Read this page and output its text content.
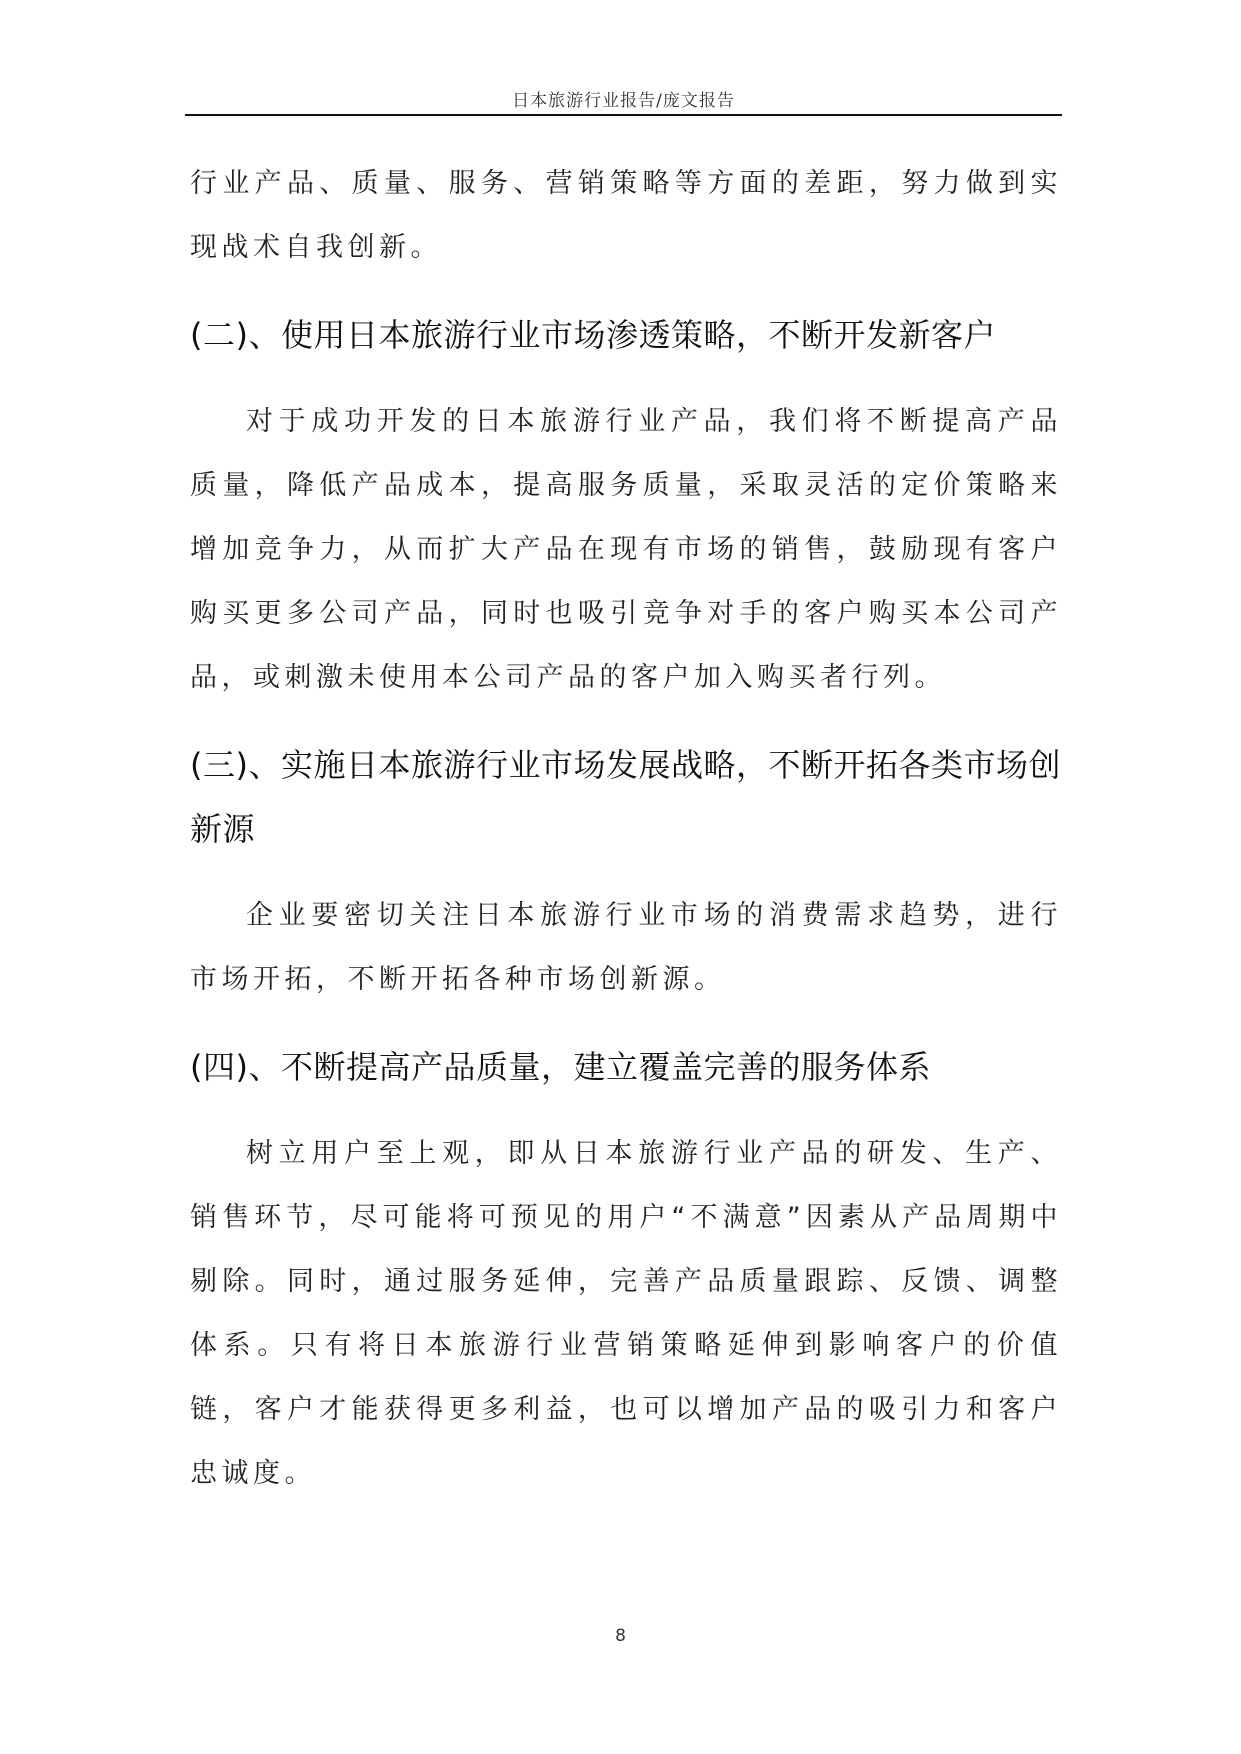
日本旅游行业报告/庞文报告

行业产品、质量、服务、营销策略等方面的差距，努力做到实现战术自我创新。

(二)、使用日本旅游行业市场渗透策略，不断开发新客户

对于成功开发的日本旅游行业产品，我们将不断提高产品质量，降低产品成本，提高服务质量，采取灵活的定价策略来增加竞争力，从而扩大产品在现有市场的销售，鼓励现有客户购买更多公司产品，同时也吸引竞争对手的客户购买本公司产品，或刺激未使用本公司产品的客户加入购买者行列。

(三)、实施日本旅游行业市场发展战略，不断开拓各类市场创新源

企业要密切关注日本旅游行业市场的消费需求趋势，进行市场开拓，不断开拓各种市场创新源。

(四)、不断提高产品质量，建立覆盖完善的服务体系

树立用户至上观，即从日本旅游行业产品的研发、生产、销售环节，尽可能将可预见的用户“不满意”因素从产品周期中剔除。同时，通过服务延伸，完善产品质量跟踪、反馈、调整体系。只有将日本旅游行业营销策略延伸到影响客户的价值链，客户才能获得更多利益，也可以增加产品的吸引力和客户忠诚度。

8
